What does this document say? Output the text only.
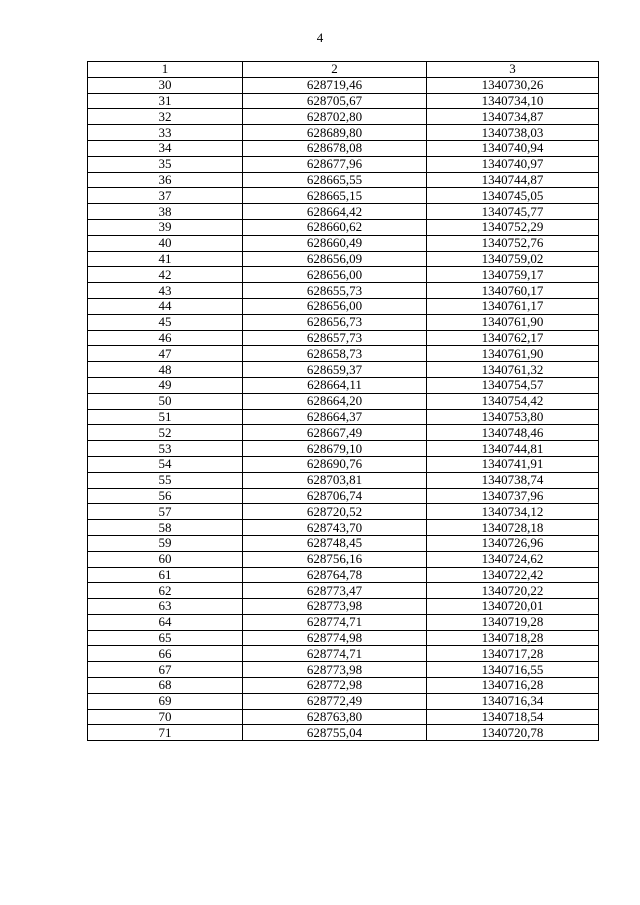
4
1	2	3
30	628719,46	1340730,26
31	628705,67	1340734,10
32	628702,80	1340734,87
33	628689,80	1340738,03
34	628678,08	1340740,94
35	628677,96	1340740,97
36	628665,55	1340744,87
37	628665,15	1340745,05
38	628664,42	1340745,77
39	628660,62	1340752,29
40	628660,49	1340752,76
41	628656,09	1340759,02
42	628656,00	1340759,17
43	628655,73	1340760,17
44	628656,00	1340761,17
45	628656,73	1340761,90
46	628657,73	1340762,17
47	628658,73	1340761,90
48	628659,37	1340761,32
49	628664,11	1340754,57
50	628664,20	1340754,42
51	628664,37	1340753,80
52	628667,49	1340748,46
53	628679,10	1340744,81
54	628690,76	1340741,91
55	628703,81	1340738,74
56	628706,74	1340737,96
57	628720,52	1340734,12
58	628743,70	1340728,18
59	628748,45	1340726,96
60	628756,16	1340724,62
61	628764,78	1340722,42
62	628773,47	1340720,22
63	628773,98	1340720,01
64	628774,71	1340719,28
65	628774,98	1340718,28
66	628774,71	1340717,28
67	628773,98	1340716,55
68	628772,98	1340716,28
69	628772,49	1340716,34
70	628763,80	1340718,54
71	628755,04	1340720,78
